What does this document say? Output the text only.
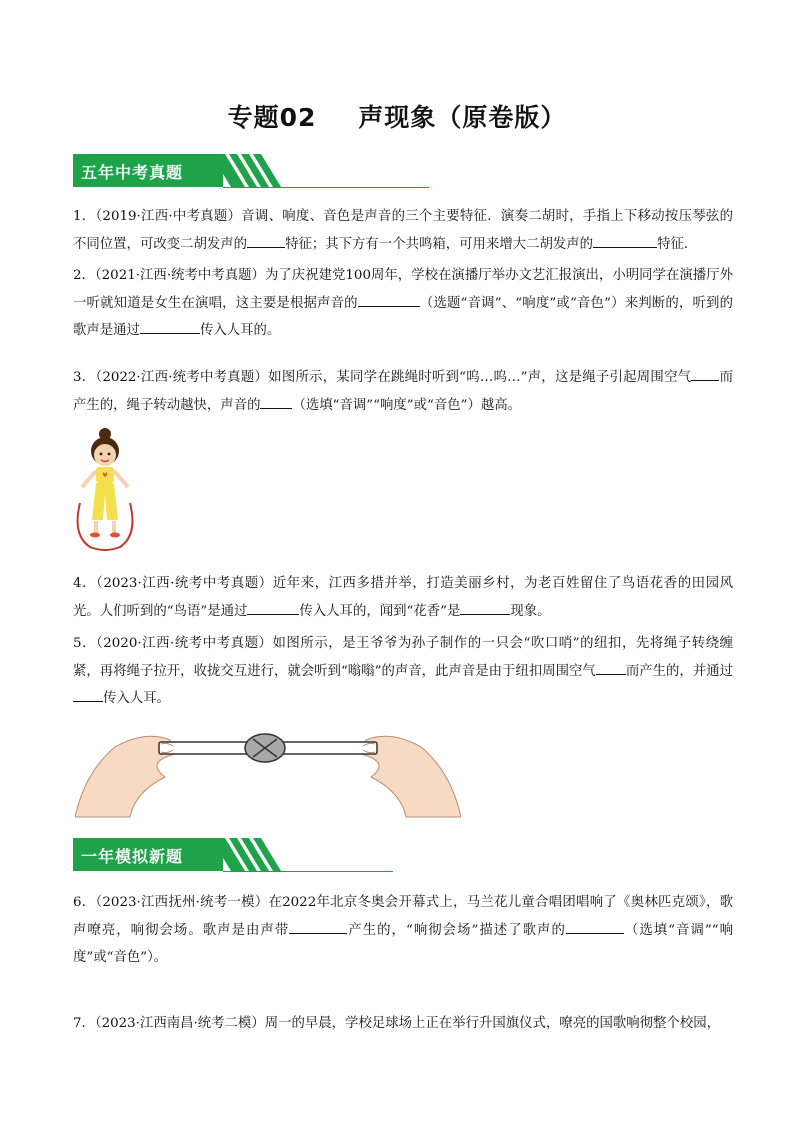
专题02 声现象（原卷版）
五年中考真题
1．（2019·江西·中考真题）音调、响度、音色是声音的三个主要特征．演奏二胡时，手指上下移动按压琴弦的不同位置，可改变二胡发声的	特征；其下方有一个共鸣箱，可用来增大二胡发声的	特征．
2．（2021·江西·统考中考真题）为了庆祝建党100周年，学校在演播厅举办文艺汇报演出，小明同学在演播厅外一听就知道是女生在演唱，这主要是根据声音的	（选题“音调”、“响度”或“音色”）来判断的，听到的歌声是通过	传入人耳的。
3．（2022·江西·统考中考真题）如图所示，某同学在跳绳时听到“呜…呜…”声，这是绳子引起周围空气 而产生的，绳子转动越快，声音的 （选填“音调”“响度”或“音色”）越高。
4．（2023·江西·统考中考真题）近年来，江西多措并举，打造美丽乡村，为老百姓留住了鸟语花香的田园风光。人们听到的“鸟语”是通过	传入人耳的，闻到“花香”是	现象。
5．（2020·江西·统考中考真题）如图所示，是王爷爷为孙子制作的一只会“吹口哨”的纽扣，先将绳子转绕缠紧，再将绳子拉开，收拢交互进行，就会听到“嗡嗡”的声音，此声音是由于纽扣周围空气 而产生的，并通过传入人耳。
一年模拟新题
6．（2023·江西抚州·统考一模）在2022年北京冬奥会开幕式上，马兰花儿童合唱团唱响了《奥林匹克颂》，歌声嘹亮，响彻会场。歌声是由声带	产生的，“响彻会场”描述了歌声的	（选填“音调”“响度”或“音色”）。
7．（2023·江西南昌·统考二模）周一的早晨，学校足球场上正在举行升国旗仪式，嘹亮的国歌响彻整个校园，
